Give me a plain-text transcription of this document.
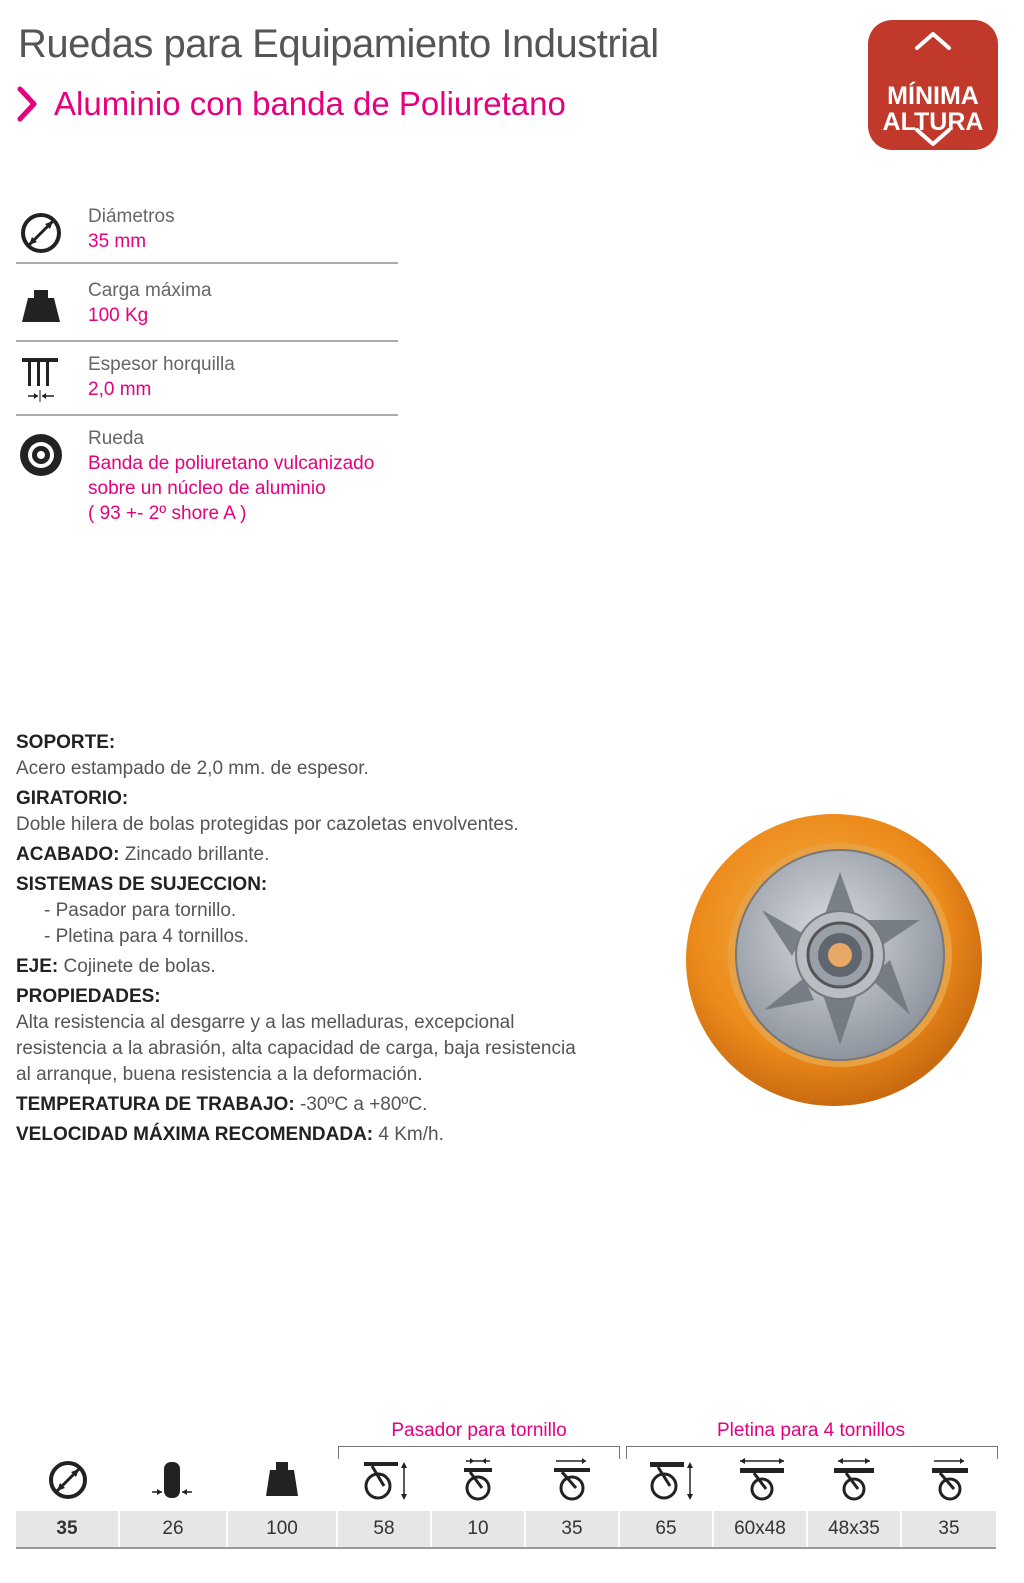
Ruedas para Equipamiento Industrial
Aluminio con banda de Poliuretano	MÍNIMA
ALTURA
Diámetros
35 mm
Carga máxima
100 Kg
Espesor horquilla
2,0 mm
Rueda
Banda de poliuretano vulcanizado
sobre un núcleo de aluminio
( 93 +- 2º shore A )

SOPORTE:

Acero estampado de 2,0 mm. de espesor.

GIRATORIO:

Doble hilera de bolas protegidas por cazoletas envolventes.

ACABADO: Zincado brillante.

SISTEMAS DE SUJECCION:

- Pasador para tornillo.

- Pletina para 4 tornillos.

EJE: Cojinete de bolas.

PROPIEDADES:

Alta resistencia al desgarre y a las melladuras, excepcional

resistencia a la abrasión, alta capacidad de carga, baja resistencia

al arranque, buena resistencia a la deformación.

TEMPERATURA DE TRABAJO: -30ºC a +80ºC.

VELOCIDAD MÁXIMA RECOMENDADA: 4 Km/h.

Pasador para tornillo	Pletina para 4 tornillos
35	26	100	58	10	35	65	60x48	48x35	35
